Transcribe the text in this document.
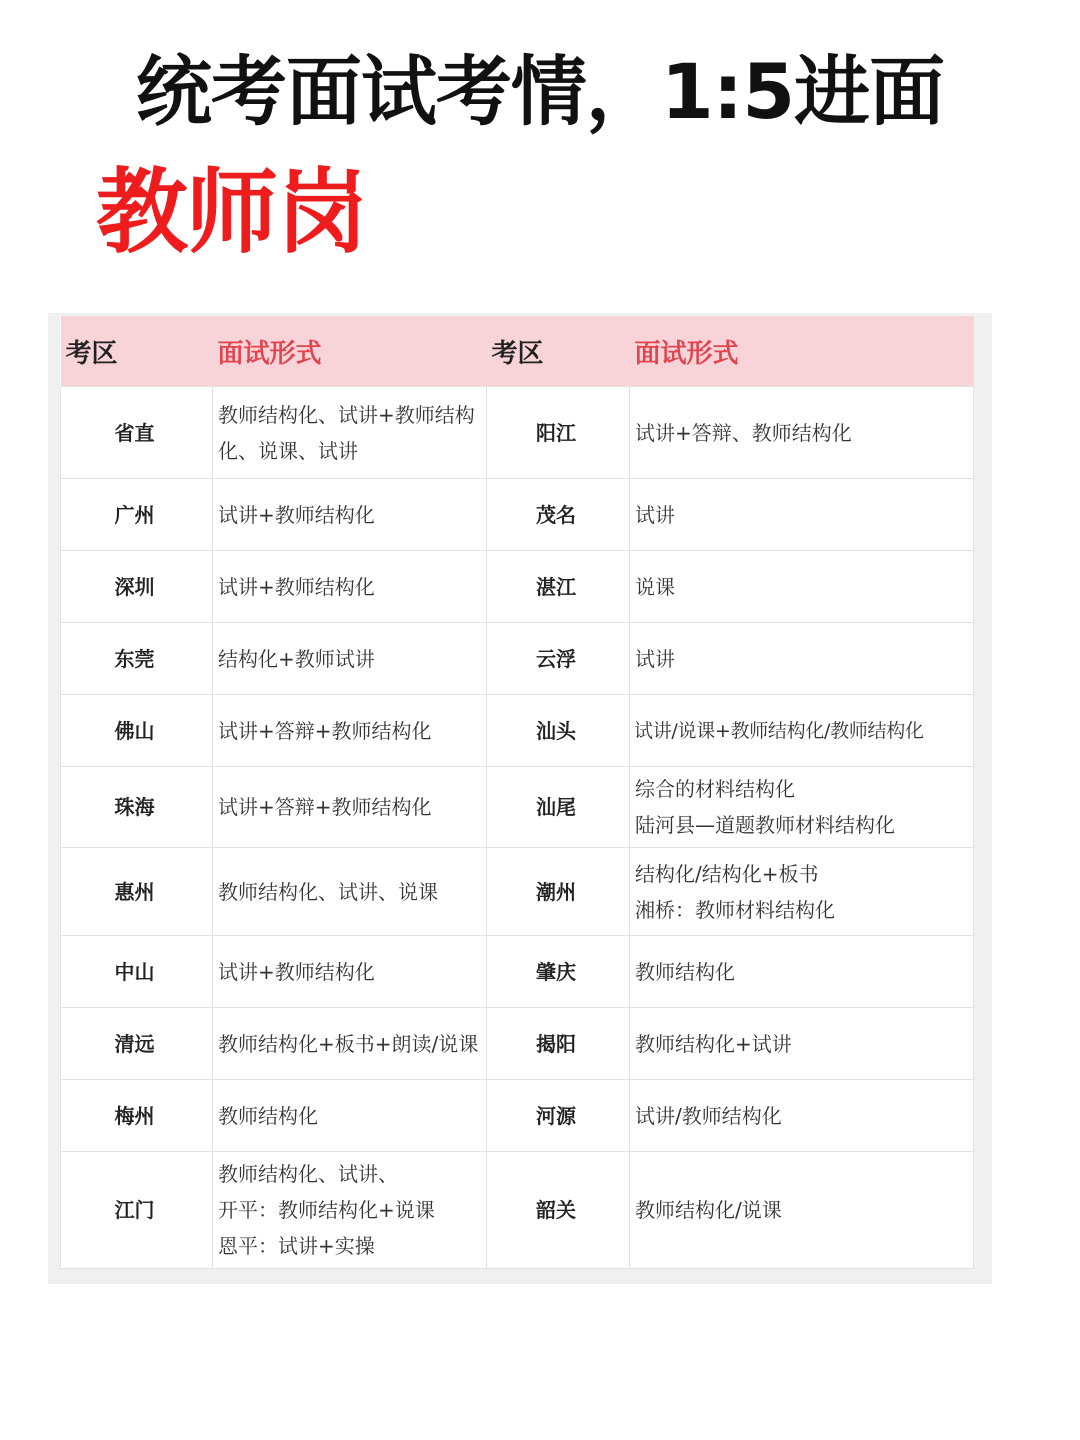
统考面试考情，1:5进面
教师岗
考区	面试形式	考区	面试形式
省直	教师结构化、试讲+教师结构化、说课、试讲	阳江	试讲+答辩、教师结构化
广州	试讲+教师结构化	茂名	试讲
深圳	试讲+教师结构化	湛江	说课
东莞	结构化+教师试讲	云浮	试讲
佛山	试讲+答辩+教师结构化	汕头	试讲/说课+教师结构化/教师结构化
珠海	试讲+答辩+教师结构化	汕尾	综合的材料结构化
陆河县—道题教师材料结构化
惠州	教师结构化、试讲、说课	潮州	结构化/结构化+板书
湘桥：教师材料结构化
中山	试讲+教师结构化	肇庆	教师结构化
清远	教师结构化+板书+朗读/说课	揭阳	教师结构化+试讲
梅州	教师结构化	河源	试讲/教师结构化
江门	教师结构化、试讲、
开平：教师结构化+说课
恩平：试讲+实操	韶关	教师结构化/说课
